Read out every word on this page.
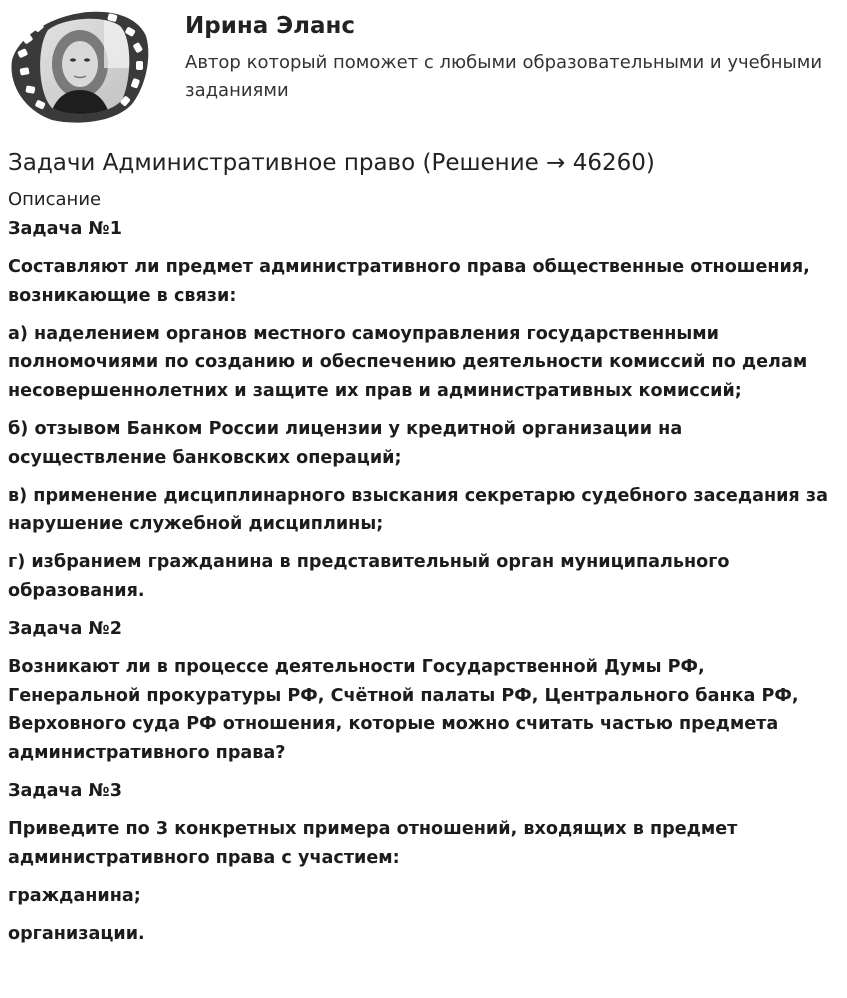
Ирина Эланс
Автор который поможет с любыми образовательными и учебными заданиями
Задачи Административное право (Решение → 46260)
Описание

Задача №1

Составляют ли предмет административного права общественные отношения, возникающие в связи:

а) наделением органов местного самоуправления государственными полномочиями по созданию и обеспечению деятельности комиссий по делам несовершеннолетних и защите их прав и административных комиссий;

б) отзывом Банком России лицензии у кредитной организации на осуществление банковских операций;

в) применение дисциплинарного взыскания секретарю судебного заседания за нарушение служебной дисциплины;

г) избранием гражданина в представительный орган муниципального образования.

Задача №2

Возникают ли в процессе деятельности Государственной Думы РФ, Генеральной прокуратуры РФ, Счётной палаты РФ, Центрального банка РФ, Верховного суда РФ отношения, которые можно считать частью предмета административного права?

Задача №3

Приведите по 3 конкретных примера отношений, входящих в предмет административного права с участием:

гражданина;

организации.
